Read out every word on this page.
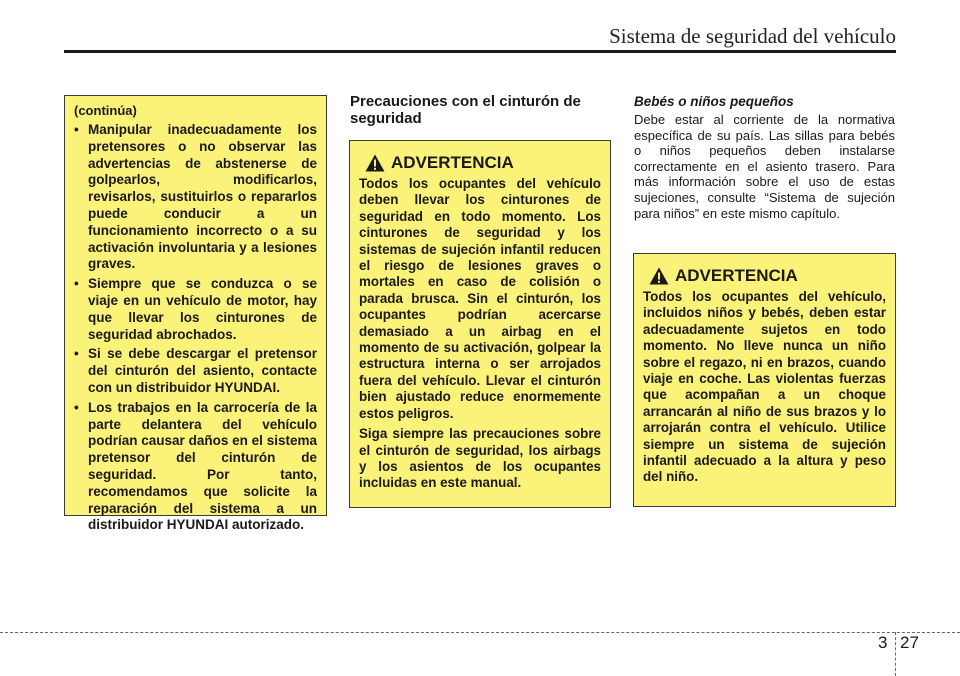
Sistema de seguridad del vehículo
(continúa)
• Manipular inadecuadamente los pretensores o no observar las advertencias de abstenerse de golpearlos, modificarlos, revisarlos, sustituirlos o repararlos puede conducir a un funcionamiento incorrecto o a su activación involuntaria y a lesiones graves.
• Siempre que se conduzca o se viaje en un vehículo de motor, hay que llevar los cinturones de seguridad abrochados.
• Si se debe descargar el pretensor del cinturón del asiento, contacte con un distribuidor HYUNDAI.
• Los trabajos en la carrocería de la parte delantera del vehículo podrían causar daños en el sistema pretensor del cinturón de seguridad. Por tanto, recomendamos que solicite la reparación del sistema a un distribuidor HYUNDAI autorizado.
Precauciones con el cinturón de seguridad
ADVERTENCIA

Todos los ocupantes del vehículo deben llevar los cinturones de seguridad en todo momento. Los cinturones de seguridad y los sistemas de sujeción infantil reducen el riesgo de lesiones graves o mortales en caso de colisión o parada brusca. Sin el cinturón, los ocupantes podrían acercarse demasiado a un airbag en el momento de su activación, golpear la estructura interna o ser arrojados fuera del vehículo. Llevar el cinturón bien ajustado reduce enormemente estos peligros.

Siga siempre las precauciones sobre el cinturón de seguridad, los airbags y los asientos de los ocupantes incluidas en este manual.

Bebés o niños pequeños
Debe estar al corriente de la normativa específica de su país. Las sillas para bebés o niños pequeños deben instalarse correctamente en el asiento trasero. Para más información sobre el uso de estas sujeciones, consulte “Sistema de sujeción para niños” en este mismo capítulo.
ADVERTENCIA

Todos los ocupantes del vehículo, incluidos niños y bebés, deben estar adecuadamente sujetos en todo momento. No lleve nunca un niño sobre el regazo, ni en brazos, cuando viaje en coche. Las violentas fuerzas que acompañan a un choque arrancarán al niño de sus brazos y lo arrojarán contra el vehículo. Utilice siempre un sistema de sujeción infantil adecuado a la altura y peso del niño.

3 27
